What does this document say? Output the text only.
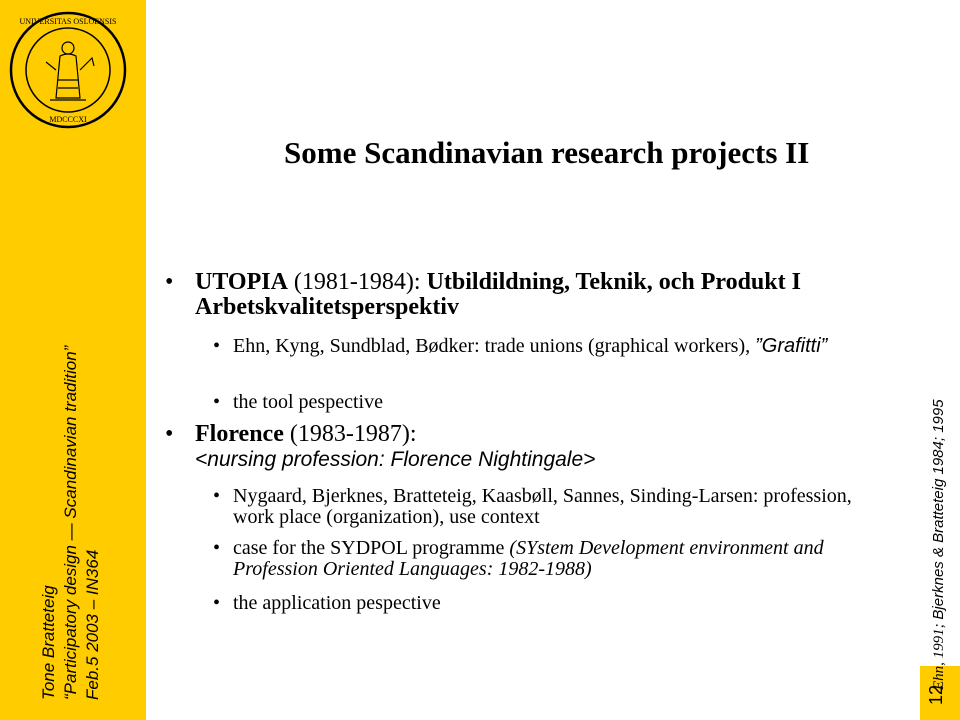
UNIVERSITAS OSLOENSIS
MDCCCXI
Tone Bratteteig “Participatory design — Scandinavian tradition” Feb.5 2003 – IN364	12
Ehn, 1991; Bjerknes & Bratteteig 1984; 1995
Some Scandinavian research projects II
• UTOPIA (1981-1984): Utbildildning, Teknik, och Produkt I Arbetskvalitetsperspektiv
• Ehn, Kyng, Sundblad, Bødker: trade unions (graphical workers), ”Grafitti”
• the tool pespective
• Florence (1983-1987):
<nursing profession: Florence Nightingale>
• Nygaard, Bjerknes, Bratteteig, Kaasbøll, Sannes, Sinding-Larsen: profession, work place (organization), use context
• case for the SYDPOL programme (SYstem Development environment and Profession Oriented Languages: 1982-1988)
• the application pespective
